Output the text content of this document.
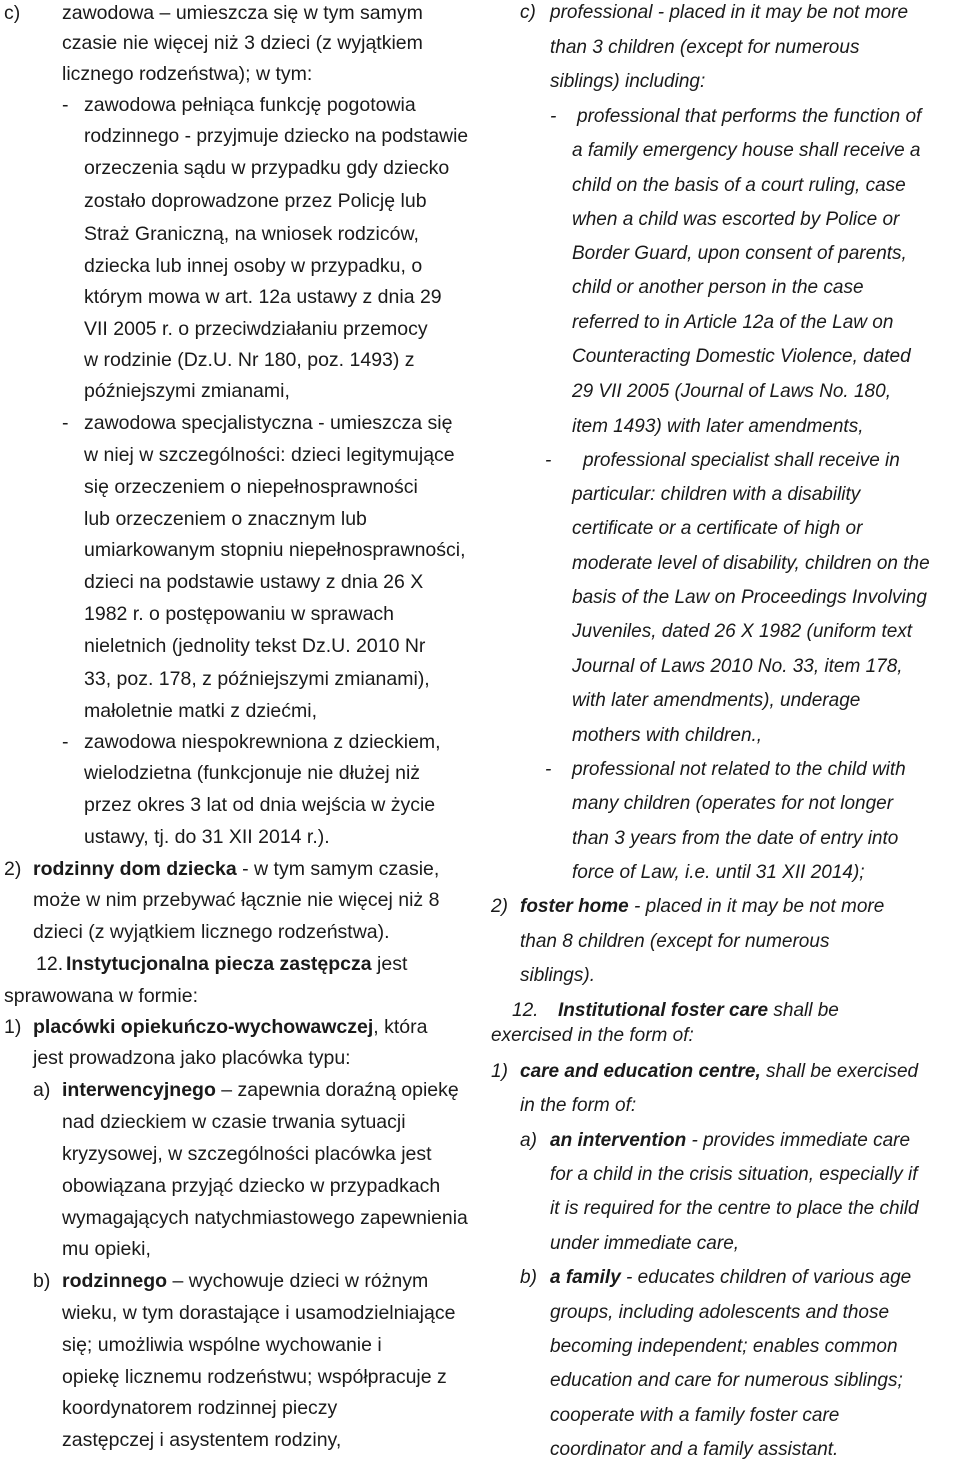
c) zawodowa – umieszcza się w tym samym
czasie nie więcej niż 3 dzieci (z wyjątkiem
licznego rodzeństwa); w tym:
- zawodowa pełniąca funkcję pogotowia
rodzinnego - przyjmuje dziecko na podstawie
orzeczenia sądu w przypadku gdy dziecko
zostało doprowadzone przez Policję lub
Straż Graniczną, na wniosek rodziców,
dziecka lub innej osoby w przypadku, o
którym mowa w art. 12a ustawy z dnia 29
VII 2005 r. o przeciwdziałaniu przemocy
w rodzinie (Dz.U. Nr 180, poz. 1493) z
późniejszymi zmianami,
- zawodowa specjalistyczna - umieszcza się
w niej w szczególności: dzieci legitymujące
się orzeczeniem o niepełnosprawności
lub orzeczeniem o znacznym lub
umiarkowanym stopniu niepełnosprawności,
dzieci na podstawie ustawy z dnia 26 X
1982 r. o postępowaniu w sprawach
nieletnich (jednolity tekst Dz.U. 2010 Nr
33, poz. 178, z późniejszymi zmianami),
małoletnie matki z dziećmi,
- zawodowa niespokrewniona z dzieckiem,
wielodzietna (funkcjonuje nie dłużej niż
przez okres 3 lat od dnia wejścia w życie
ustawy, tj. do 31 XII 2014 r.).
2) rodzinny dom dziecka - w tym samym czasie,
może w nim przebywać łącznie nie więcej niż 8
dzieci (z wyjątkiem licznego rodzeństwa).
12. Instytucjonalna piecza zastępcza jest
sprawowana w formie:
1) placówki opiekuńczo-wychowawczej, która
jest prowadzona jako placówka typu:
a) interwencyjnego – zapewnia doraźną opiekę
nad dzieckiem w czasie trwania sytuacji
kryzysowej, w szczególności placówka jest
obowiązana przyjąć dziecko w przypadkach
wymagających natychmiastowego zapewnienia
mu opieki,
b) rodzinnego – wychowuje dzieci w różnym
wieku, w tym dorastające i usamodzielniające
się; umożliwia wspólne wychowanie i
opiekę licznemu rodzeństwu; współpracuje z
koordynatorem rodzinnej pieczy
zastępczej i asystentem rodziny,
c) professional - placed in it may be not more
than 3 children (except for numerous
siblings) including:
- professional that performs the function of
a family emergency house shall receive a
child on the basis of a court ruling, case
when a child was escorted by Police or
Border Guard, upon consent of parents,
child or another person in the case
referred to in Article 12a of the Law on
Counteracting Domestic Violence, dated
29 VII 2005 (Journal of Laws No. 180,
item 1493) with later amendments,
- professional specialist shall receive in
particular: children with a disability
certificate or a certificate of high or
moderate level of disability, children on the
basis of the Law on Proceedings Involving
Juveniles, dated 26 X 1982 (uniform text
Journal of Laws 2010 No. 33, item 178,
with later amendments), underage
mothers with children.,
- professional not related to the child with
many children (operates for not longer
than 3 years from the date of entry into
force of Law, i.e. until 31 XII 2014);
2) foster home - placed in it may be not more
than 8 children (except for numerous
siblings).
12. Institutional foster care shall be
exercised in the form of:
1) care and education centre, shall be exercised
in the form of:
a) an intervention - provides immediate care
for a child in the crisis situation, especially if
it is required for the centre to place the child
under immediate care,
b) a family - educates children of various age
groups, including adolescents and those
becoming independent; enables common
education and care for numerous siblings;
cooperate with a family foster care
coordinator and a family assistant.
